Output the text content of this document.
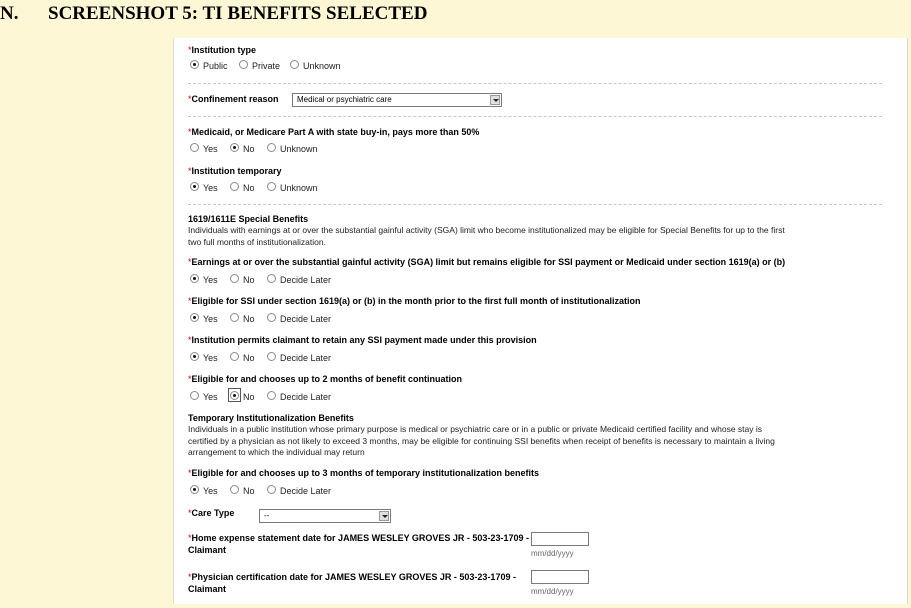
N. SCREENSHOT 5: TI BENEFITS SELECTED
*Institution type
Public	Private	Unknown
*Confinement reason Medical or psychiatric care
*Medicaid, or Medicare Part A with state buy-in, pays more than 50%
Yes	No	Unknown
*Institution temporary
Yes	No	Unknown
1619/1611E Special Benefits
Individuals with earnings at or over the substantial gainful activity (SGA) limit who become institutionalized may be eligible for Special Benefits for up to the first two full months of institutionalization.
*Earnings at or over the substantial gainful activity (SGA) limit but remains eligible for SSI payment or Medicaid under section 1619(a) or (b)
Yes	No	Decide Later
*Eligible for SSI under section 1619(a) or (b) in the month prior to the first full month of institutionalization
Yes	No	Decide Later
*Institution permits claimant to retain any SSI payment made under this provision
Yes	No	Decide Later
*Eligible for and chooses up to 2 months of benefit continuation
Yes	No	Decide Later
Temporary Institutionalization Benefits
Individuals in a public institution whose primary purpose is medical or psychiatric care or in a public or private Medicaid certified facility and whose stay is certified by a physician as not likely to exceed 3 months, may be eligible for continuing SSI benefits when receipt of benefits is necessary to maintain a living arrangement to which the individual may return
*Eligible for and chooses up to 3 months of temporary institutionalization benefits
Yes	No	Decide Later
*Care Type	--
*Home expense statement date for JAMES WESLEY GROVES JR - 503-23-1709 -
Claimant	mm/dd/yyyy
*Physician certification date for JAMES WESLEY GROVES JR - 503-23-1709 -
Claimant	mm/dd/yyyy
